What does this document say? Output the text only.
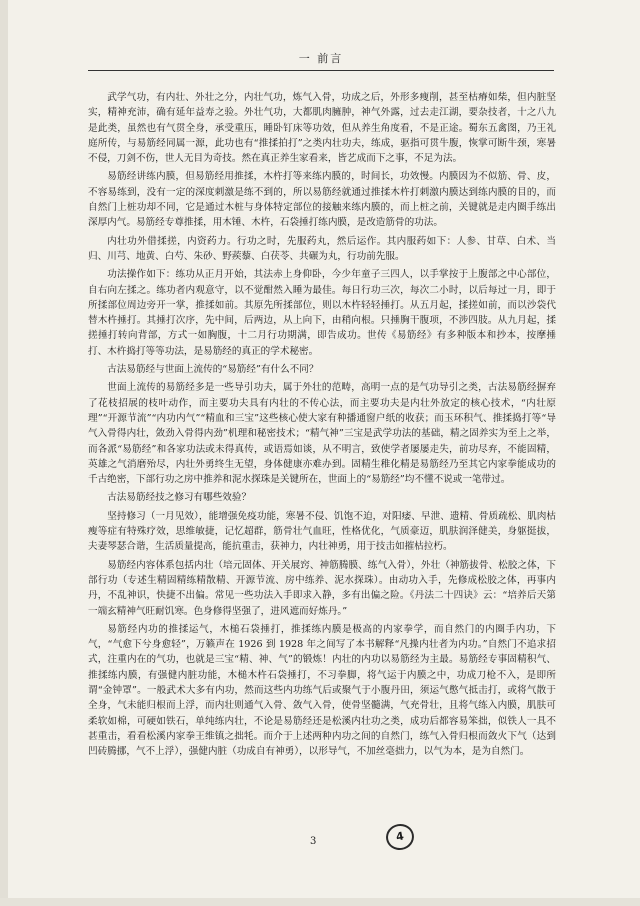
一 前言

武学气功，有内壮、外壮之分，内壮气功，炼气入骨，功成之后，外形多瘦削，甚至枯瘠如柴，但内脏坚实，精神充沛，确有延年益寿之验。外壮气功，大都肌肉臃肿，神气外露，过去走江湖，要杂技者，十之八九是此类，虽然也有气贯全身，承受重压，睡卧钉床等功效，但从养生角度看，不是正途。蜀东五禽图，乃王礼庭所传，与易筋经同属一源，此功也有“推揉拍打”之类内壮功夫，练成，驱指可贯牛腹，恢掌可断牛颈，寒暑不侵，刀剑不伤，世人无目为奇技。然在真正养生家看来，皆艺成而下之事，不足为法。

易筋经讲练内膜，但易筋经用推揉，木杵打等来练内膜的，时间长，功效慢。内膜因为不似筋、骨、皮，不容易练到，没有一定的深度刺激是练不到的，所以易筋经就通过推揉木杵打刺激内膜达到练内膜的目的，而自然门上桩功却不同，它是通过木桩与身体特定部位的接触来练内膜的，而上桩之前，关键就是走内圈手练出深厚内气。易筋经专尊推揉，用木锤、木杵，石袋捶打练内膜，是改造筋骨的功法。

内壮功外借揉搓，内资药力。行功之时，先服药丸，然后运作。其内服药如下：人参、甘草、白术、当归、川芎、地黄、白芍、朱砂、野蒺藜、白茯苓、共碾为丸，行功前先服。

功法操作如下：练功从正月开始，其法赤上身仰卧，今少年童子三四人，以手掌按于上腹部之中心部位，自右向左揉之。练功者内观意守，以不觉酣然入睡为最佳。每日行功三次，每次二小时，以后每过一月，即于所揉部位周边旁开一掌，推揉如前。其原先所揉部位，则以木杵轻轻捶打。从五月起，揉搓如前，而以沙袋代替木杵捶打。其捶打次序，先中间，后两边，从上向下，由稍向根。只捶胸干腹项，不涉四肢。从九月起，揉搓捶打转向背部，方式一如胸腹，十二月行功期满，即告成功。世传《易筋经》有多种版本和抄本，按摩捶打、木杵捣打等等功法，是易筋经的真正的学术秘密。

古法易筋经与世面上流传的“易筋经”有什么不同？

世面上流传的易筋经多是一些导引功夫，属于外壮的范畴，高明一点的是气功导引之类，古法易筋经摒弃了花枝招展的枝叶动作，而主要功夫具有内壮的不传心法，而主要功夫是内壮外放定的核心技术，“内壮原理”“开源节流”“内功内气”“精血和三宝”这些核心使大家有种播通窗户纸的收获；而玉环积气、推揉捣打等“导气入骨得内壮，敛劲入骨得内劲”机理和秘密技术；“精气神”三宝是武学功法的基础，精之固养实为至上之举，而各派“易筋经”和各家功法或未得真传，或语焉如谈，从不明言，致使学者屡屡走失，前功尽弃，不能固精，英雄之气消磨殆尽，内壮外勇终生无望，身体健康亦难办到。固精生稚化精是易筋经乃至其它内家拳能成功的千古绝密，下部行功之房中推养和泥水探珠是关键所在，世面上的“易筋经”均不懂不说或一笔带过。

古法易筋经技之修习有哪些效验？

坚持修习（一月见效），能增强免疫功能，寒暑不侵、饥饱不迫，对阳痿、早泄、遗精、骨质疏松、肌肉枯瘦等症有特殊疗效，思维敏捷，记忆超群，筋骨壮气血旺，性格优化，气质豪迈，肌肤润泽健美，身躯挺拔，夫妻琴瑟合谐，生活质量提高，能抗重击，获神力，内壮神勇，用于技击如摧枯拉朽。

易筋经内容体系包括内壮（培元固体、开关展窍、神筋腾膜、练气入骨），外壮（神筋拔骨、松胶之体，下部行功（专述生精固精练精散精、开源节流、房中练养、泥水探珠）。由动功入手，先修成松胶之体，再事内丹，不乱神识，快捷不出偏。常见一些功法入手即求入静，多有出偏之险。《丹法二十四诀》云：“培养后天第一端玄精神气旺耐饥寒。色身修得坚强了，进风遮而好炼丹。”

易筋经内功的推揉运气，木槌石袋捶打，推揉练内膜是极高的内家拳学，而自然门的内圈手内功，下气，“气愈下兮身愈轻”，万籁声在 1926 到 1928 年之间写了本书解释“凡操内壮者为内功。”自然门不追求招式，注重内在的气功，也就是三宝“精、神、气”的锻炼！内壮的内功以易筋经为主最。易筋经专事固精积气、推揉练内膜，有强健内脏功能，木槌木杵石袋捶打，不习拳脚，将气运于内膜之中，功成刀枪不入，是即所谓“金钟罩”。一般武术大多有内功，然而这些内功练气后或聚气于小腹丹田，须运气憋气抵击打，或将气散于全身，气未能归根而上浮，而内壮则通气入骨、敛气入骨，使骨坚髓满，气充骨壮，且将气练入内膜，肌肤可柔软如棉，可硬如铁石，单纯练内壮，不论是易筋经还是松溪内壮功之类，成功后都容易笨拙，似铁人一具不甚重击，看看松溪内家拳王维镇之拙牦。而介于上述两种内功之间的自然门，练气入骨归根而敛火下气（达到凹砖腾挪，气不上浮），强健内脏（功成自有神勇），以形导气，不加丝毫拙力，以气为本，是为自然门。

3	4
